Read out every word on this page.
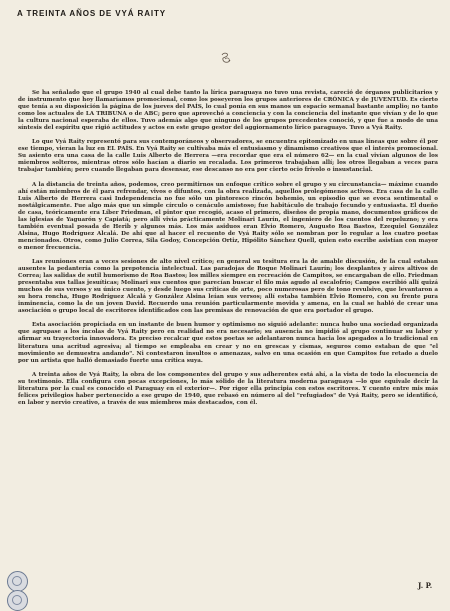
A TREINTA AÑOS DE VYÁ RAITY

Se ha señalado que el grupo 1940 al cual debe tanto la lírica paraguaya no tuvo una revista, careció de órganos publicitarios y de instrumento que hoy llamaríamos promocional, como los poseyeron los grupos anteriores de CRÓNICA y de JUVENTUD. Es cierto que tenía a su disposición la página de los jueves del PAÍS, lo cual ponía en sus manos un espacio semanal bastante amplio; no tanto como los actuales de LA TRIBUNA o de ABC; pero que aprovechó a conciencia y con la conciencia del instante que vivían y de lo que la cultura nacional esperaba de ellos. Tuvo además algo que ninguno de los grupos precedentes conoció, y que fue a modo de una síntesis del espíritu que rigió actitudes y actos en este grupo gestor del aggiornamento lírico paraguayo. Tuvo a Vyá Raity.

Lo que Vyá Raity representó para sus contemporáneos y observadores, se encuentra epitomizado en unas líneas que sobre él por ese tiempo, vieran la luz en EL PAÍS. En Vyá Raity se cultivaba más el entusiasmo y dinamismo creativos que el interés promocional. Su asiento era una casa de la calle Luis Alberto de Herrera —era recordar que era el número 62— en la cual vivían algunos de los miembros solteros, mientras otros sólo hacían a diario su recalada. Los primeros trabajaban allí; los otros llegaban a veces para trabajar también; pero cuando llegaban para desensar, ese descanso no era por cierto ocio frívolo o insustancial.

A la distancia de treinta años, podemos, creo permitirnos un enfoque crítico sobre el grupo y su circunstancia— máxime cuando ahí están miembros de él para refrendar, vivos o difuntos, con la obra realizada, aquellos prolegómenos activos. Era casa de la calle Luis Alberto de Herrera casi Independencia no fue sólo un pintoresco rincón bohemio, un episodio que se evoca sentimental o nostálgicamente. Fue algo más que un simple círculo o cenáculo amistoso; fue habitáculo de trabajo fecundo y entusiasta. El dueño de casa, teóricamente era Líber Friedman, el pintor que recogió, acaso el primero, diseños de propia mano, documentos gráficos de las iglesias de Yaguarón y Capiatá; pero allí vivía prácticamente Molinari Laurín, el ingeniero de los cuentos del repeluzno; y era también eventual posada de Herib y algunos más. Los más asiduos eran Elvio Romero, Augusto Roa Bastos, Ezequiel González Alsina, Hugo Rodríguez Alcalá. De ahí que al hacer el recuento de Vyá Raity sólo se nombran por lo regular a los cuatro poetas mencionados. Otros, como Julio Correa, Sila Godoy, Concepción Ortiz, Hipólito Sánchez Quell, quien esto escribe asistían con mayor o menor frecuencia.

Las reuniones eran a veces sesiones de alto nivel crítico; en general su tesitura era la de amable discusión, de la cual estaban ausentes la pedantería como la prepotencia intelectual. Las paradojas de Roque Molinari Laurín; los desplantes y aires altivos de Correa; las salidas de sutil humorismo de Roa Bastos; los milles siempre en recreación de Campitos, se encargaban de ello. Friedman presentaba sus tallas jesuíticas; Molinari sus cuentos que parecían buscar el filo más agudo al escalofrío; Campos escribió allí quizá muchos de sus versos y su único cuento, y desde luego sus críticas de arte, poco numerosas pero de tono revulsivo, que levantaron a su hora roncha, Hugo Rodríguez Alcalá y González Alsina leían sus versos; allí estaba también Elvio Romero, con su frente pura inminencia, como la de un joven David. Recuerdo una reunión particularmente movida y amena, en la cual se habló de crear una asociación o grupo local de escritores identificados con las premisas de renovación de que era portador el grupo.

Esta asociación propiciada en un instante de buen humor y optimismo no siguió adelante: nunca hubo una sociedad organizada que agrupase a los íncolas de Vyá Raity pero en realidad no era necesario; su ausencia no impidió al grupo continuar su labor y afirmar su trayectoria innovadora. Es preciso recalcar que estos poetas se adelantaron nunca hacia los apegados a lo tradicional en literatura una acritud agresiva; al tiempo se empleaba en crear y no en grescas y cismas, seguros como estaban de que "el movimiento se demuestra andando". Ni contestaron insultos o amenazas, salvo en una ocasión en que Campitos fue retado a duelo por un artista que halló demasiado fuerte una crítica suya.

A treinta años de Vyá Raity, la obra de los componentes del grupo y sus adherentes está ahí, a la vista de todo la elocuencia de su testimonio. Ella configura con pocas excepciones, lo más sólido de la literatura moderna paraguaya —lo que equivale decir la literatura por la cual es conocido el Paraguay en el exterior—. Por rigor ella principia con estos escritores. Y cuento entre mis más felices privilegios haber pertenecido a ese grupo de 1940, que rebasó en número al del "refugiados" de Vyá Raity, pero se identificó, en labor y nervio creativo, a través de sus miembros más destacados, con él.

J. P.
